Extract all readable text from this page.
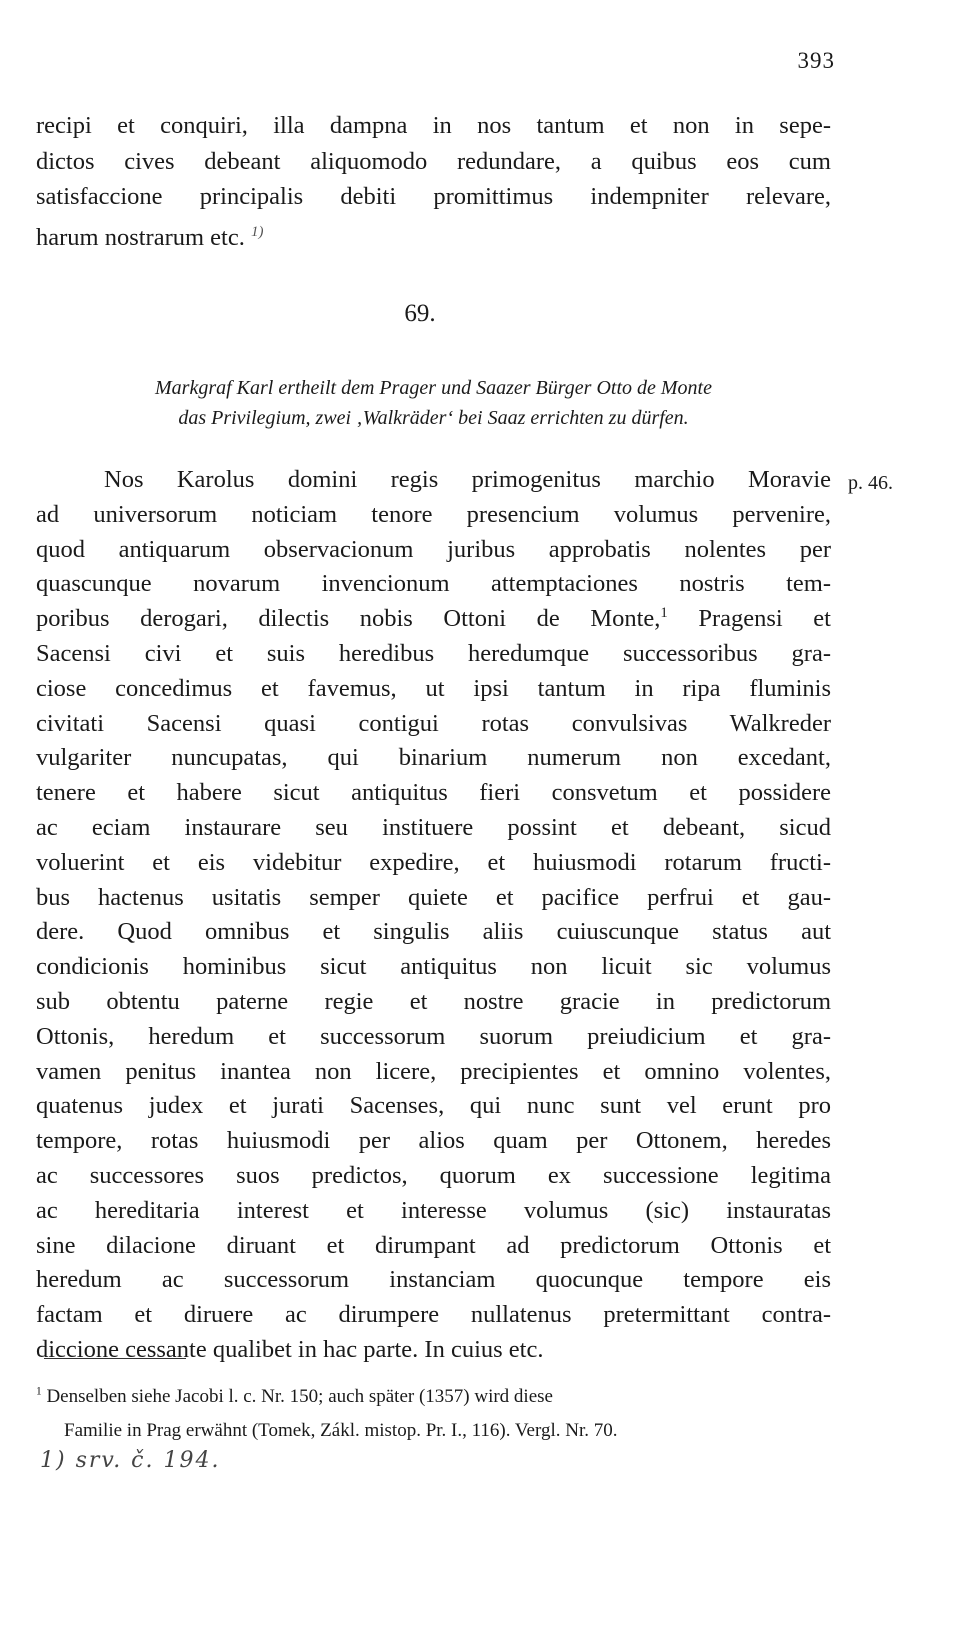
393
recipi et conquiri, illa dampna in nos tantum et non in sepe-
dictos cives debeant aliquomodo redundare, a quibus eos cum
satisfaccione principalis debiti promittimus indempniter relevare,
harum nostrarum etc. $^{1)}$
69.
Markgraf Karl ertheilt dem Prager und Saazer Bürger Otto de Monte
das Privilegium, zwei ‚Walkräder‘ bei Saaz errichten zu dürfen.
p. 46.
Nos Karolus domini regis primogenitus marchio Moravie
ad universorum noticiam tenore presencium volumus pervenire,
quod antiquarum observacionum juribus approbatis nolentes per
quascunque novarum invencionum attemptaciones nostris tem-
poribus derogari, dilectis nobis Ottoni de Monte,$^1$ Pragensi et
Sacensi civi et suis heredibus heredumque successoribus gra-
ciose concedimus et favemus, ut ipsi tantum in ripa fluminis
civitati Sacensi quasi contigui rotas convulsivas Walkreder
vulgariter nuncupatas, qui binarium numerum non excedant,
tenere et habere sicut antiquitus fieri consvetum et possidere
ac eciam instaurare seu instituere possint et debeant, sicud
voluerint et eis videbitur expedire, et huiusmodi rotarum fructi-
bus hactenus usitatis semper quiete et pacifice perfrui et gau-
dere. Quod omnibus et singulis aliis cuiuscunque status aut
condicionis hominibus sicut antiquitus non licuit sic volumus
sub obtentu paterne regie et nostre gracie in predictorum
Ottonis, heredum et successorum suorum preiudicium et gra-
vamen penitus inantea non licere, precipientes et omnino volentes,
quatenus judex et jurati Sacenses, qui nunc sunt vel erunt pro
tempore, rotas huiusmodi per alios quam per Ottonem, heredes
ac successores suos predictos, quorum ex successione legitima
ac hereditaria interest et interesse volumus (sic) instauratas
sine dilacione diruant et dirumpant ad predictorum Ottonis et
heredum ac successorum instanciam quocunque tempore eis
factam et diruere ac dirumpere nullatenus pretermittant contra-
diccione cessante qualibet in hac parte. In cuius etc.
$^1$ Denselben siehe Jacobi l. c. Nr. 150; auch später (1357) wird diese
Familie in Prag erwähnt (Tomek, Zákl. mistop. Pr. I., 116). Vergl. Nr. 70.
1) srv. č. 194.
